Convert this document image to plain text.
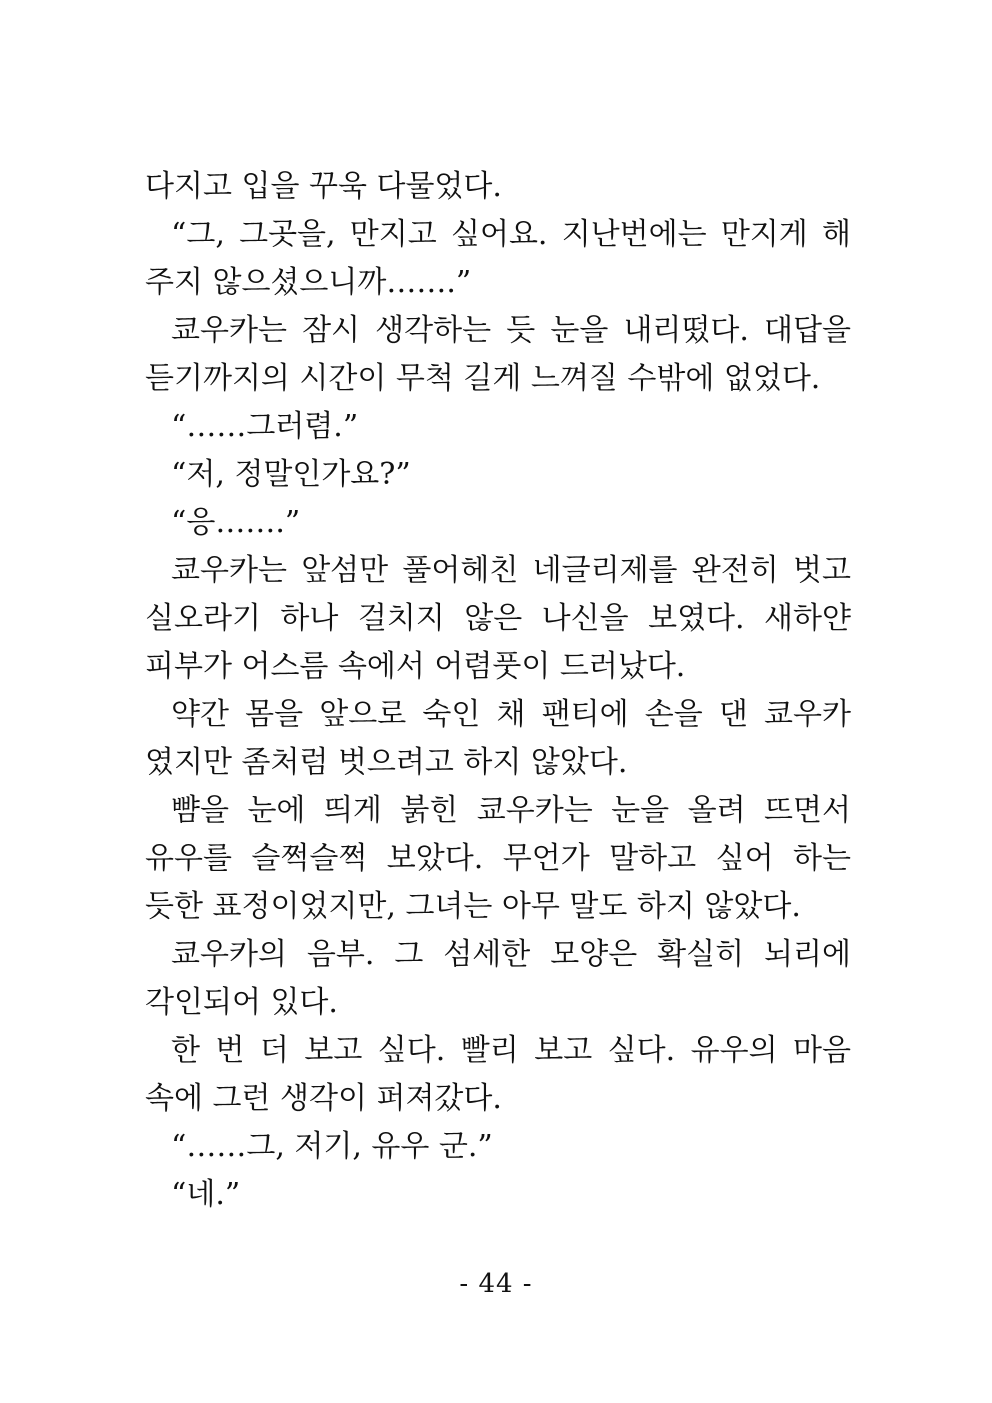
다지고 입을 꾸욱 다물었다.
“그, 그곳을, 만지고 싶어요. 지난번에는 만지게 해
주지 않으셨으니까…….”
쿄우카는 잠시 생각하는 듯 눈을 내리떴다. 대답을
듣기까지의 시간이 무척 길게 느껴질 수밖에 없었다.
“……그러렴.”
“저, 정말인가요?”
“응…….”
쿄우카는 앞섬만 풀어헤친 네글리제를 완전히 벗고
실오라기 하나 걸치지 않은 나신을 보였다. 새하얀
피부가 어스름 속에서 어렴풋이 드러났다.
약간 몸을 앞으로 숙인 채 팬티에 손을 댄 쿄우카
였지만 좀처럼 벗으려고 하지 않았다.
뺨을 눈에 띄게 붉힌 쿄우카는 눈을 올려 뜨면서
유우를 슬쩍슬쩍 보았다. 무언가 말하고 싶어 하는
듯한 표정이었지만, 그녀는 아무 말도 하지 않았다.
쿄우카의 음부. 그 섬세한 모양은 확실히 뇌리에
각인되어 있다.
한 번 더 보고 싶다. 빨리 보고 싶다. 유우의 마음
속에 그런 생각이 퍼져갔다.
“……그, 저기, 유우 군.”
“네.”
- 44 -
